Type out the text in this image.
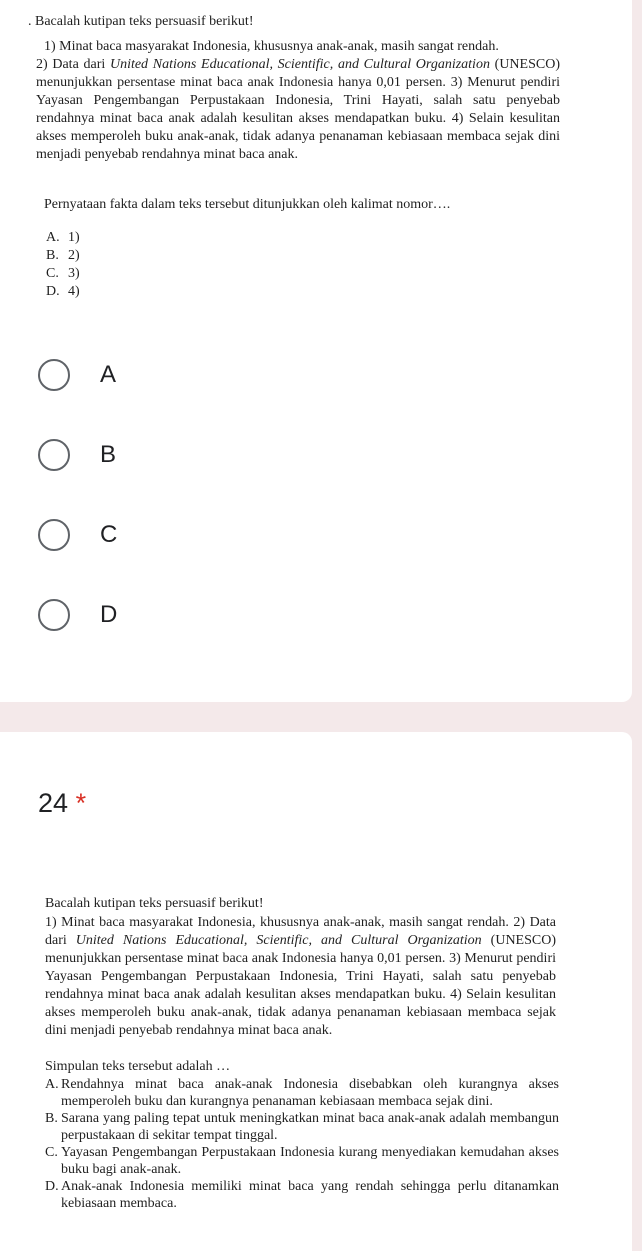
. Bacalah kutipan teks persuasif berikut!

1) Minat baca masyarakat Indonesia, khususnya anak-anak, masih sangat rendah.

2) Data dari United Nations Educational, Scientific, and Cultural Organization (UNESCO) menunjukkan persentase minat baca anak Indonesia hanya 0,01 persen. 3) Menurut pendiri Yayasan Pengembangan Perpustakaan Indonesia, Trini Hayati, salah satu penyebab rendahnya minat baca anak adalah kesulitan akses mendapatkan buku. 4) Selain kesulitan akses memperoleh buku anak-anak, tidak adanya penanaman kebiasaan membaca sejak dini menjadi penyebab rendahnya minat baca anak.

Pernyataan fakta dalam teks tersebut ditunjukkan oleh kalimat nomor….
A. 1)
B. 2)
C. 3)
D. 4)
A
B
C
D
24 *
Bacalah kutipan teks persuasif berikut!

1) Minat baca masyarakat Indonesia, khususnya anak-anak, masih sangat rendah. 2) Data dari United Nations Educational, Scientific, and Cultural Organization (UNESCO) menunjukkan persentase minat baca anak Indonesia hanya 0,01 persen. 3) Menurut pendiri Yayasan Pengembangan Perpustakaan Indonesia, Trini Hayati, salah satu penyebab rendahnya minat baca anak adalah kesulitan akses mendapatkan buku. 4) Selain kesulitan akses memperoleh buku anak-anak, tidak adanya penanaman kebiasaan membaca sejak dini menjadi penyebab rendahnya minat baca anak.

Simpulan teks tersebut adalah …
A. Rendahnya minat baca anak-anak Indonesia disebabkan oleh kurangnya akses memperoleh buku dan kurangnya penanaman kebiasaan membaca sejak dini.
B. Sarana yang paling tepat untuk meningkatkan minat baca anak-anak adalah membangun perpustakaan di sekitar tempat tinggal.
C. Yayasan Pengembangan Perpustakaan Indonesia kurang menyediakan kemudahan akses buku bagi anak-anak.
D. Anak-anak Indonesia memiliki minat baca yang rendah sehingga perlu ditanamkan kebiasaan membaca.
